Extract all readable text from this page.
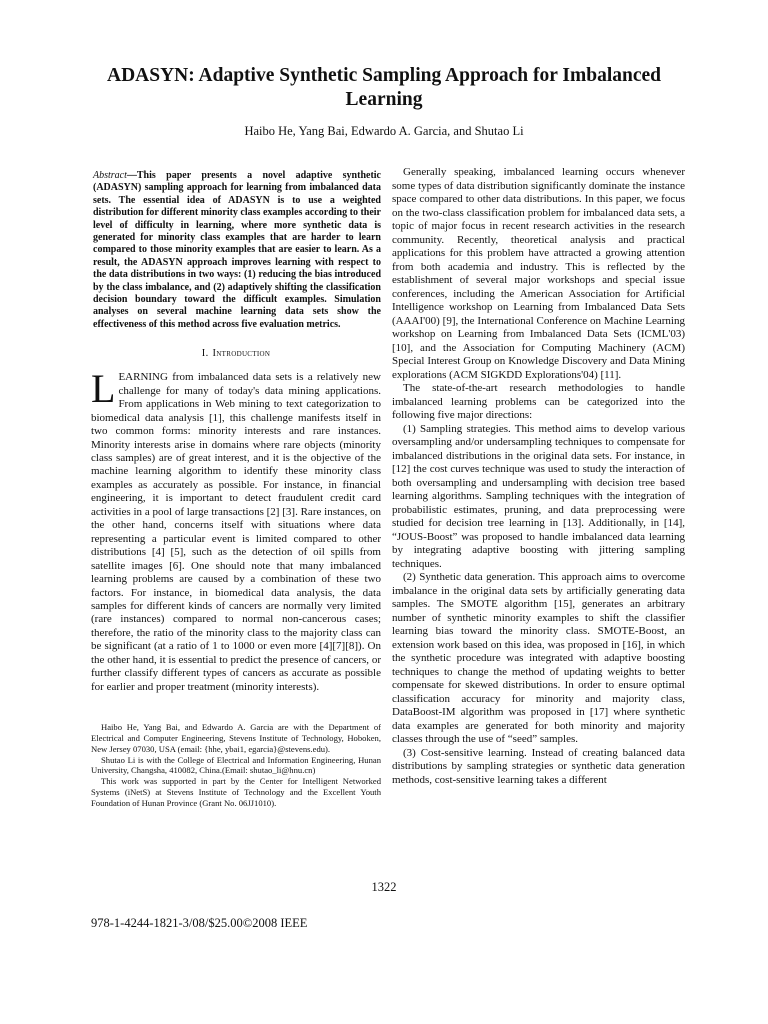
ADASYN: Adaptive Synthetic Sampling Approach for Imbalanced Learning
Haibo He, Yang Bai, Edwardo A. Garcia, and Shutao Li

Abstract—This paper presents a novel adaptive synthetic (ADASYN) sampling approach for learning from imbalanced data sets. The essential idea of ADASYN is to use a weighted distribution for different minority class examples according to their level of difficulty in learning, where more synthetic data is generated for minority class examples that are harder to learn compared to those minority examples that are easier to learn. As a result, the ADASYN approach improves learning with respect to the data distributions in two ways: (1) reducing the bias introduced by the class imbalance, and (2) adaptively shifting the classification decision boundary toward the difficult examples. Simulation analyses on several machine learning data sets show the effectiveness of this method across five evaluation metrics.

I. Introduction

LEARNING from imbalanced data sets is a relatively new challenge for many of today's data mining applications. From applications in Web mining to text categorization to biomedical data analysis [1], this challenge manifests itself in two common forms: minority interests and rare instances. Minority interests arise in domains where rare objects (minority class samples) are of great interest, and it is the objective of the machine learning algorithm to identify these minority class examples as accurately as possible. For instance, in financial engineering, it is important to detect fraudulent credit card activities in a pool of large transactions [2] [3]. Rare instances, on the other hand, concerns itself with situations where data representing a particular event is limited compared to other distributions [4] [5], such as the detection of oil spills from satellite images [6]. One should note that many imbalanced learning problems are caused by a combination of these two factors. For instance, in biomedical data analysis, the data samples for different kinds of cancers are normally very limited (rare instances) compared to normal non-cancerous cases; therefore, the ratio of the minority class to the majority class can be significant (at a ratio of 1 to 1000 or even more [4][7][8]). On the other hand, it is essential to predict the presence of cancers, or further classify different types of cancers as accurate as possible for earlier and proper treatment (minority interests).

Haibo He, Yang Bai, and Edwardo A. Garcia are with the Department of Electrical and Computer Engineering, Stevens Institute of Technology, Hoboken, New Jersey 07030, USA (email: {hhe, ybai1, egarcia}@stevens.edu).

Shutao Li is with the College of Electrical and Information Engineering, Hunan University, Changsha, 410082, China.(Email: shutao_li@hnu.cn)

This work was supported in part by the Center for Intelligent Networked Systems (iNetS) at Stevens Institute of Technology and the Excellent Youth Foundation of Hunan Province (Grant No. 06JJ1010).

Generally speaking, imbalanced learning occurs whenever some types of data distribution significantly dominate the instance space compared to other data distributions. In this paper, we focus on the two-class classification problem for imbalanced data sets, a topic of major focus in recent research activities in the research community. Recently, theoretical analysis and practical applications for this problem have attracted a growing attention from both academia and industry. This is reflected by the establishment of several major workshops and special issue conferences, including the American Association for Artificial Intelligence workshop on Learning from Imbalanced Data Sets (AAAI'00) [9], the International Conference on Machine Learning workshop on Learning from Imbalanced Data Sets (ICML'03) [10], and the Association for Computing Machinery (ACM) Special Interest Group on Knowledge Discovery and Data Mining explorations (ACM SIGKDD Explorations'04) [11].

The state-of-the-art research methodologies to handle imbalanced learning problems can be categorized into the following five major directions:

(1) Sampling strategies. This method aims to develop various oversampling and/or undersampling techniques to compensate for imbalanced distributions in the original data sets. For instance, in [12] the cost curves technique was used to study the interaction of both oversampling and undersampling with decision tree based learning algorithms. Sampling techniques with the integration of probabilistic estimates, pruning, and data preprocessing were studied for decision tree learning in [13]. Additionally, in [14], “JOUS-Boost” was proposed to handle imbalanced data learning by integrating adaptive boosting with jittering sampling techniques.

(2) Synthetic data generation. This approach aims to overcome imbalance in the original data sets by artificially generating data samples. The SMOTE algorithm [15], generates an arbitrary number of synthetic minority examples to shift the classifier learning bias toward the minority class. SMOTE-Boost, an extension work based on this idea, was proposed in [16], in which the synthetic procedure was integrated with adaptive boosting techniques to change the method of updating weights to better compensate for skewed distributions. In order to ensure optimal classification accuracy for minority and majority class, DataBoost-IM algorithm was proposed in [17] where synthetic data examples are generated for both minority and majority classes through the use of “seed” samples.

(3) Cost-sensitive learning. Instead of creating balanced data distributions by sampling strategies or synthetic data generation methods, cost-sensitive learning takes a different

1322
978-1-4244-1821-3/08/$25.00©2008 IEEE
